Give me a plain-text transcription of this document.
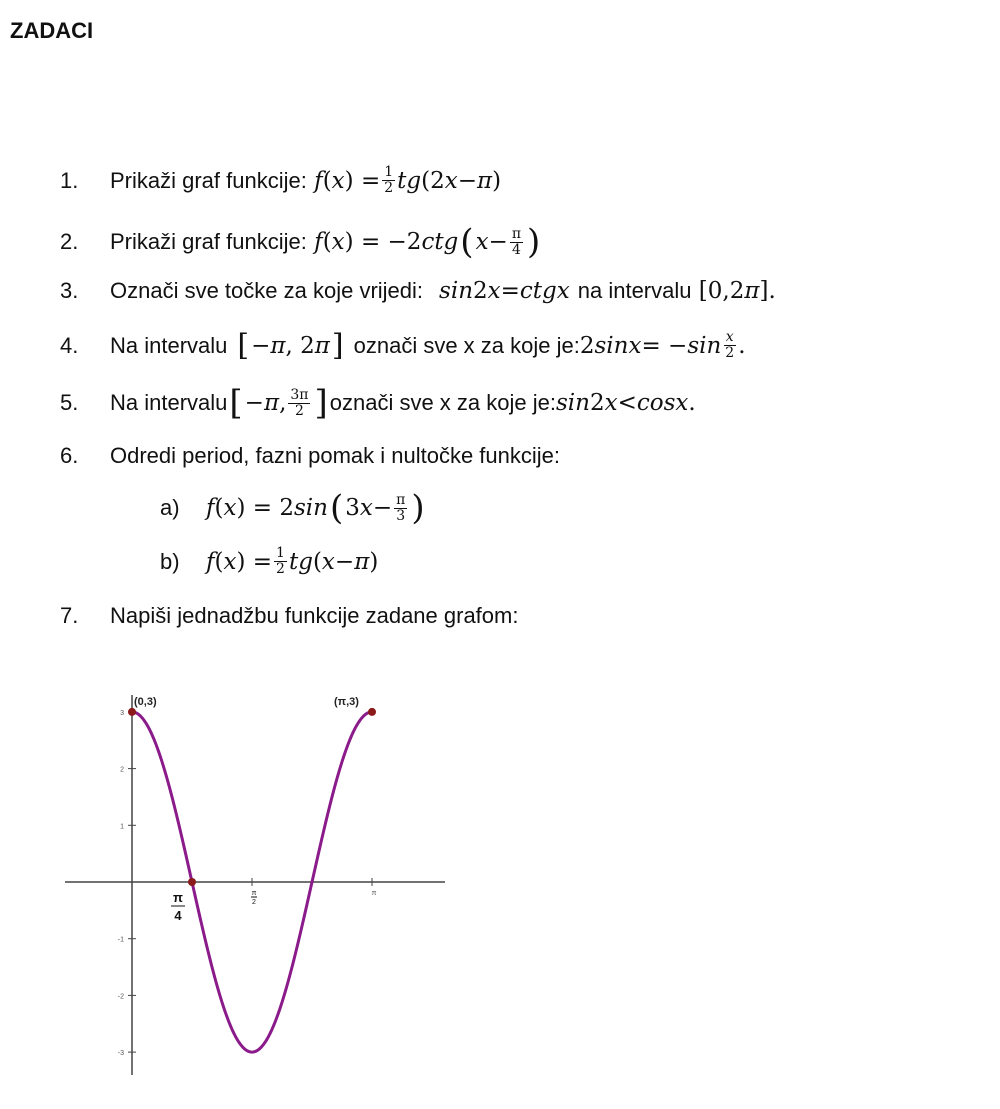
ZADACI
1.	Prikaži graf funkcije: f ( x ) = $\frac{1}{2}$ tg (2 x − π )
2.	Prikaži graf funkcije: f ( x ) = −2 ctg ( $x - \frac{\pi}{4}$ )
3.	Označi sve točke za koje vrijedi: sin 2 x = ctgx na intervalu [0,2 π ].
4.	Na intervalu [ − π , 2 π ] označi sve x za koje je: 2 sinx = − $\sin \frac{x}{2}$ .
5.	Na intervalu [ − π , $\frac{3\pi}{2}$ ] označi sve x za koje je: sin 2 x < cosx .
6.	Odredi period, fazni pomak i nultočke funkcije:
a)	f ( x ) = 2 sin ( 3 $x - \frac{\pi}{3}$ )
b)	f ( x ) = $\frac{1}{2}$ tg ( x − π )
7.	Napiši jednadžbu funkcije zadane grafom:
3
2
1
-1
-2
-3
π
4
π
2
π
(0,3)	(π,3)
